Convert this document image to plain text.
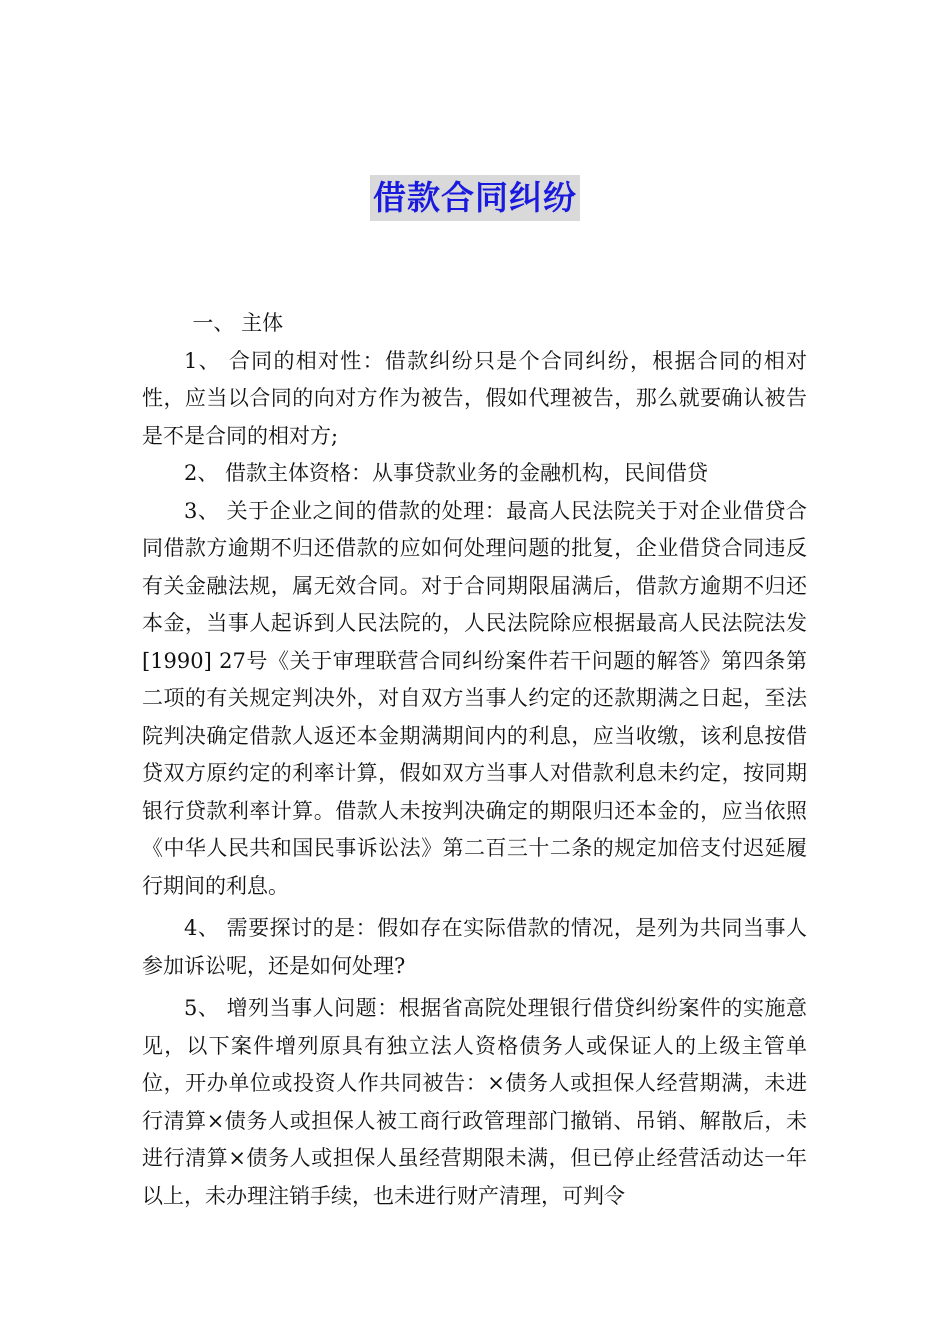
借款合同纠纷

一、 主体

1、 合同的相对性：借款纠纷只是个合同纠纷，根据合同的相对性，应当以合同的向对方作为被告，假如代理被告，那么就要确认被告是不是合同的相对方;

2、 借款主体资格：从事贷款业务的金融机构，民间借贷

3、 关于企业之间的借款的处理：最高人民法院关于对企业借贷合同借款方逾期不归还借款的应如何处理问题的批复，企业借贷合同违反有关金融法规，属无效合同。对于合同期限届满后，借款方逾期不归还本金，当事人起诉到人民法院的，人民法院除应根据最高人民法院法发[1990] 27号《关于审理联营合同纠纷案件若干问题的解答》第四条第二项的有关规定判决外，对自双方当事人约定的还款期满之日起，至法院判决确定借款人返还本金期满期间内的利息，应当收缴，该利息按借贷双方原约定的利率计算，假如双方当事人对借款利息未约定，按同期银行贷款利率计算。借款人未按判决确定的期限归还本金的，应当依照《中华人民共和国民事诉讼法》第二百三十二条的规定加倍支付迟延履行期间的利息。

4、 需要探讨的是：假如存在实际借款的情况，是列为共同当事人参加诉讼呢，还是如何处理?

5、 增列当事人问题：根据省高院处理银行借贷纠纷案件的实施意见，以下案件增列原具有独立法人资格债务人或保证人的上级主管单位，开办单位或投资人作共同被告：×债务人或担保人经营期满，未进行清算×债务人或担保人被工商行政管理部门撤销、吊销、解散后，未进行清算×债务人或担保人虽经营期限未满，但已停止经营活动达一年以上，未办理注销手续，也未进行财产清理，可判令
